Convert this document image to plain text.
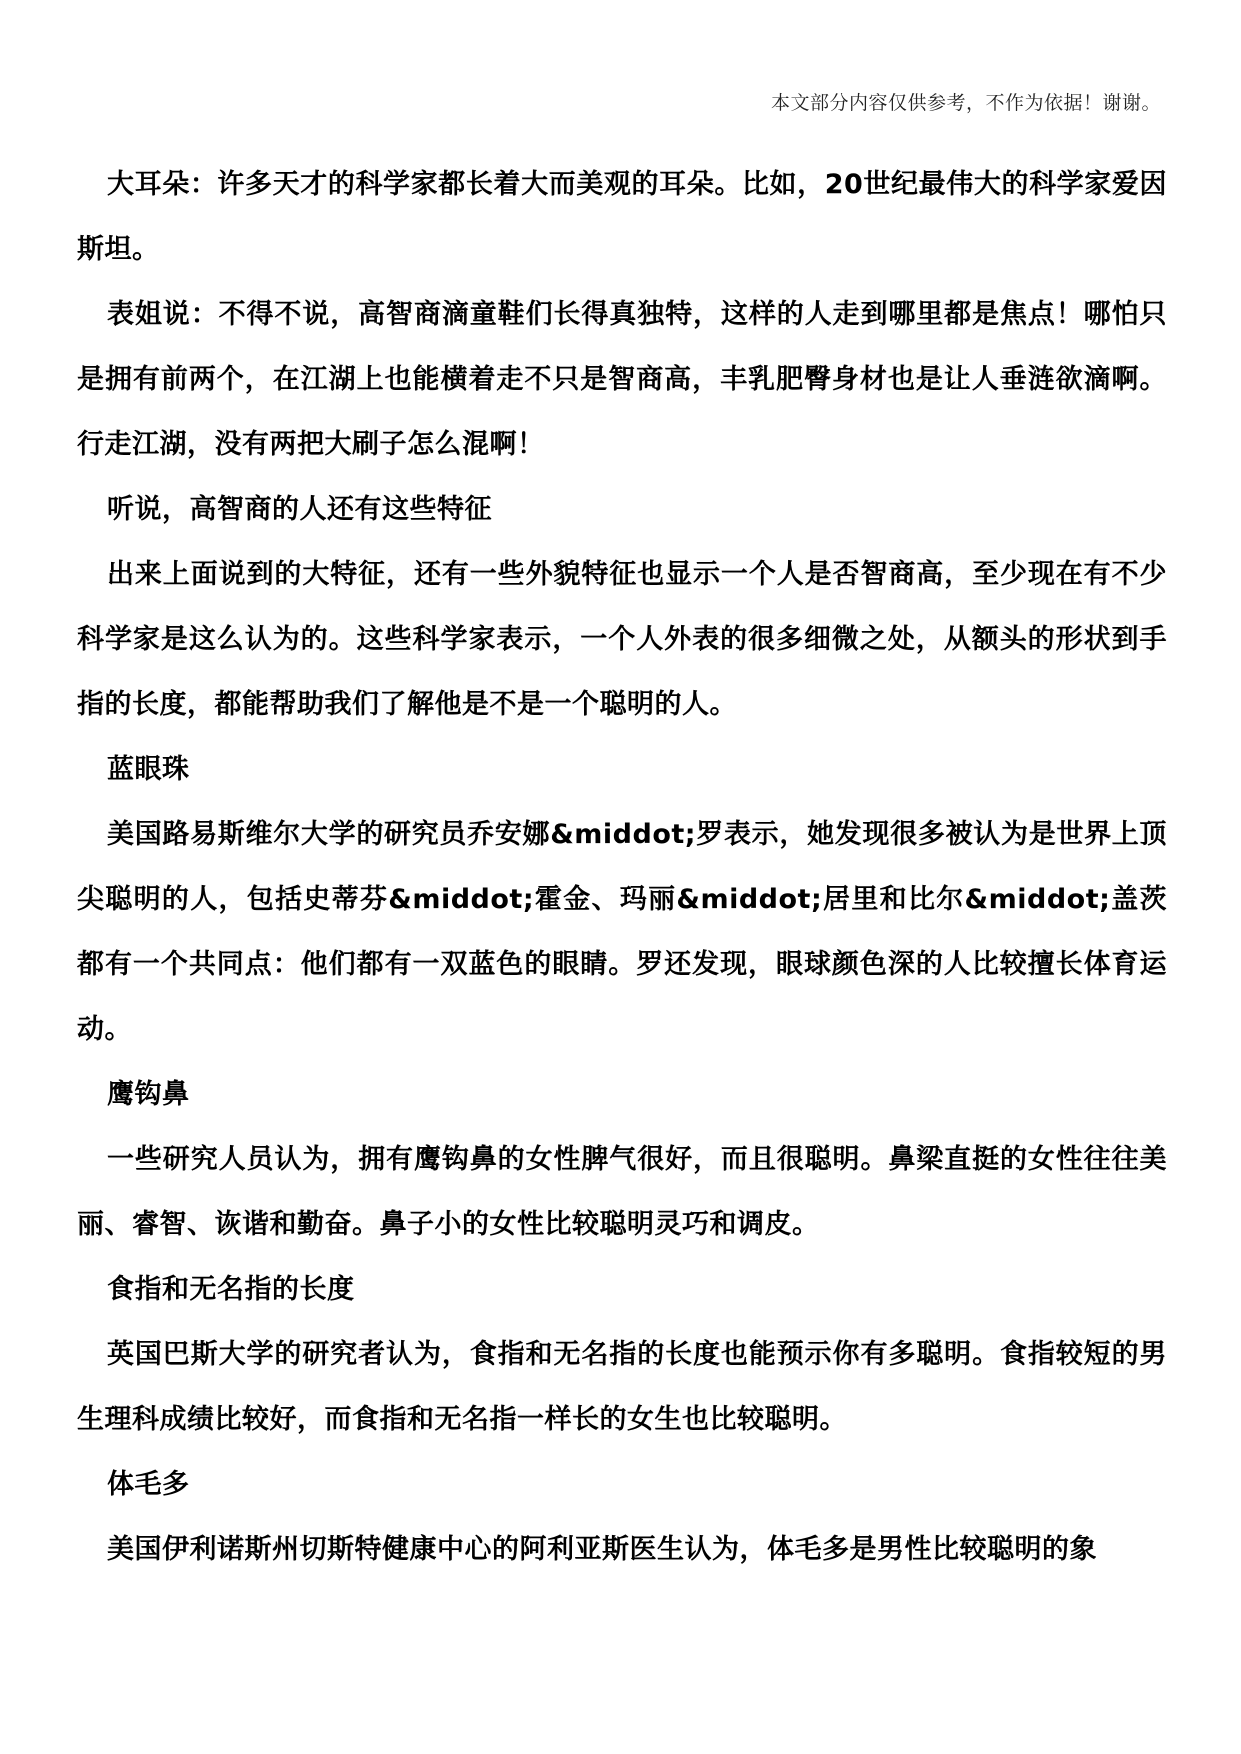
本文部分内容仅供参考，不作为依据！谢谢。

大耳朵：许多天才的科学家都长着大而美观的耳朵。比如，20世纪最伟大的科学家爱因斯坦。

表姐说：不得不说，高智商滴童鞋们长得真独特，这样的人走到哪里都是焦点！哪怕只是拥有前两个，在江湖上也能横着走不只是智商高，丰乳肥臀身材也是让人垂涟欲滴啊。行走江湖，没有两把大刷子怎么混啊！

听说，高智商的人还有这些特征

出来上面说到的大特征，还有一些外貌特征也显示一个人是否智商高，至少现在有不少科学家是这么认为的。这些科学家表示，一个人外表的很多细微之处，从额头的形状到手指的长度，都能帮助我们了解他是不是一个聪明的人。

蓝眼珠

美国路易斯维尔大学的研究员乔安娜&middot;罗表示，她发现很多被认为是世界上顶尖聪明的人，包括史蒂芬&middot;霍金、玛丽&middot;居里和比尔&middot;盖茨都有一个共同点：他们都有一双蓝色的眼睛。罗还发现，眼球颜色深的人比较擅长体育运动。

鹰钩鼻

一些研究人员认为，拥有鹰钩鼻的女性脾气很好，而且很聪明。鼻梁直挺的女性往往美丽、睿智、诙谐和勤奋。鼻子小的女性比较聪明灵巧和调皮。

食指和无名指的长度

英国巴斯大学的研究者认为，食指和无名指的长度也能预示你有多聪明。食指较短的男生理科成绩比较好，而食指和无名指一样长的女生也比较聪明。

体毛多

美国伊利诺斯州切斯特健康中心的阿利亚斯医生认为，体毛多是男性比较聪明的象
